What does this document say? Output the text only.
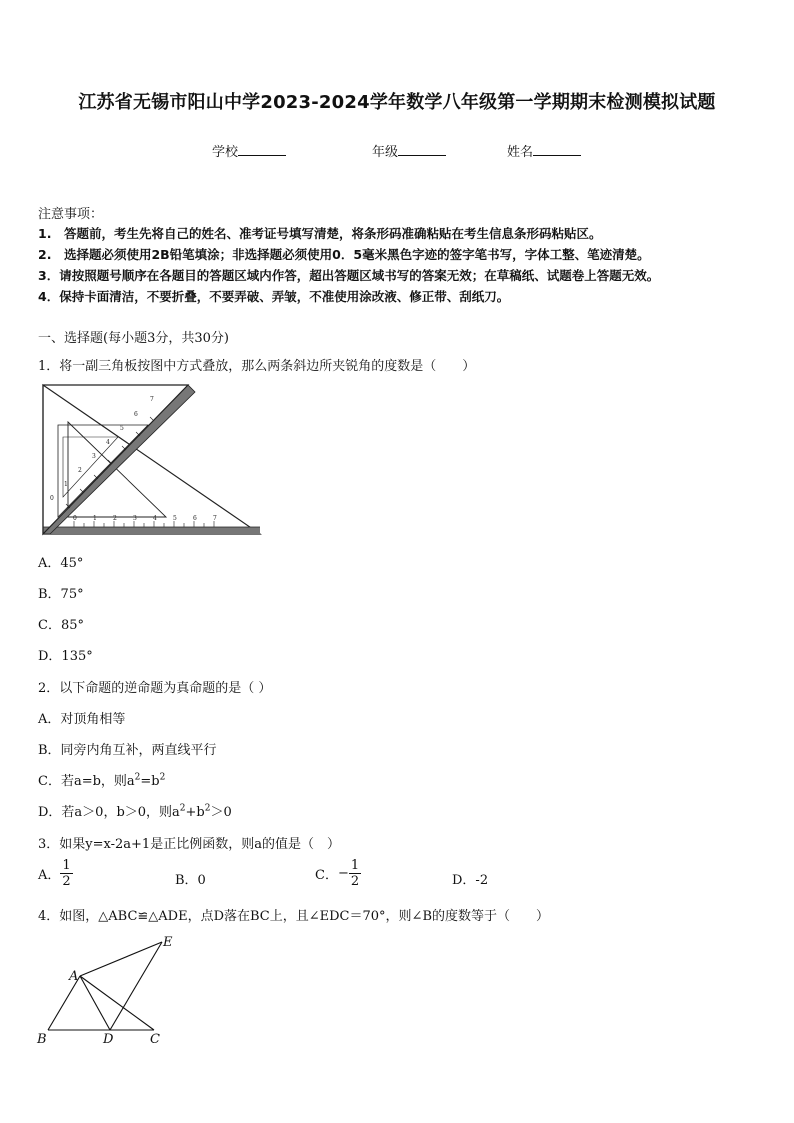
江苏省无锡市阳山中学2023-2024学年数学八年级第一学期期末检测模拟试题
学校	年级	姓名
注意事项：
1.　答题前，考生先将自己的姓名、准考证号填写清楚，将条形码准确粘贴在考生信息条形码粘贴区。
2.　选择题必须使用2B铅笔填涂；非选择题必须使用0．5毫米黑色字迹的签字笔书写，字体工整、笔迹清楚。
3．请按照题号顺序在各题目的答题区域内作答，超出答题区域书写的答案无效；在草稿纸、试题卷上答题无效。
4．保持卡面清洁，不要折叠，不要弄破、弄皱，不准使用涂改液、修正带、刮纸刀。
一、选择题(每小题3分，共30分)
1．将一副三角板按图中方式叠放，那么两条斜边所夹锐角的度数是（　　）
0	1	2	3	4	5	6	7
0
1
2
3
4
5
6
7
A．45°
B．75°
C．85°
D．135°
2．以下命题的逆命题为真命题的是（ ）
A．对顶角相等
B．同旁内角互补，两直线平行
C．若a=b，则$a^2=b^2$
D．若a＞0，b＞0，则$a^2+b^2>0$
3．如果y=x-2a+1是正比例函数，则a的值是（　）
A． $\frac{1}{2}$	B．0	C．− $\frac{1}{2}$	D．-2
4．如图，△ABC≌△ADE，点D落在BC上，且∠EDC＝70°，则∠B的度数等于（　　）
A
B	C
D
E
